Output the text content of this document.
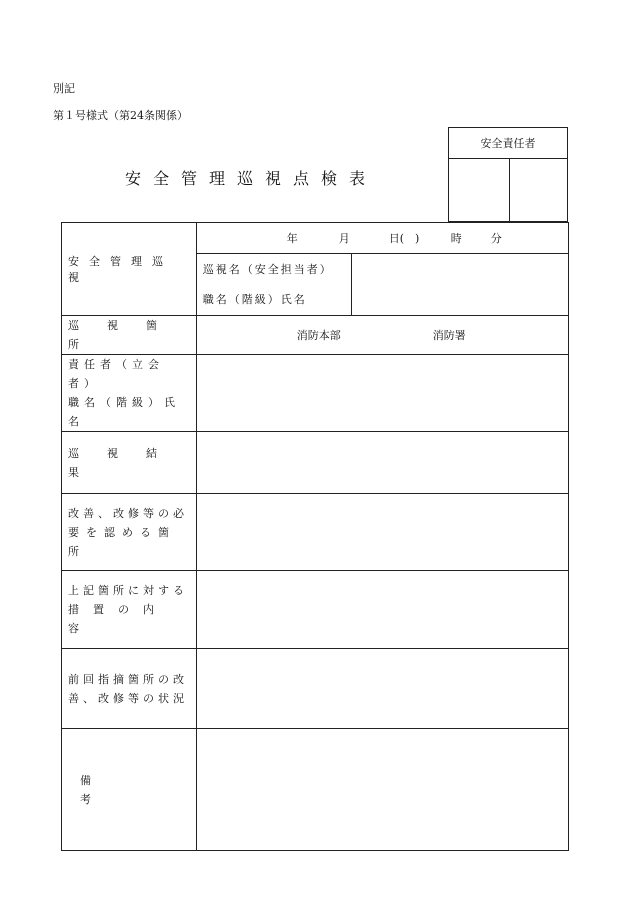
別記
第１号様式（第24条関係）
安全管理巡視点検表
安全責任者
安全管理巡視	年 月 日(　) 時 分	

	巡視名（安全担当者）	

	職名（階級）氏名	

巡視箇所	消防本部 消防署	

責任者（立会者）
職名（階級）氏名		

巡視結果		

改善、改修等の必
要を認める箇所		

上記箇所に対する
措置の内容		

前回指摘箇所の改
善、改修等の状況		

備考		
